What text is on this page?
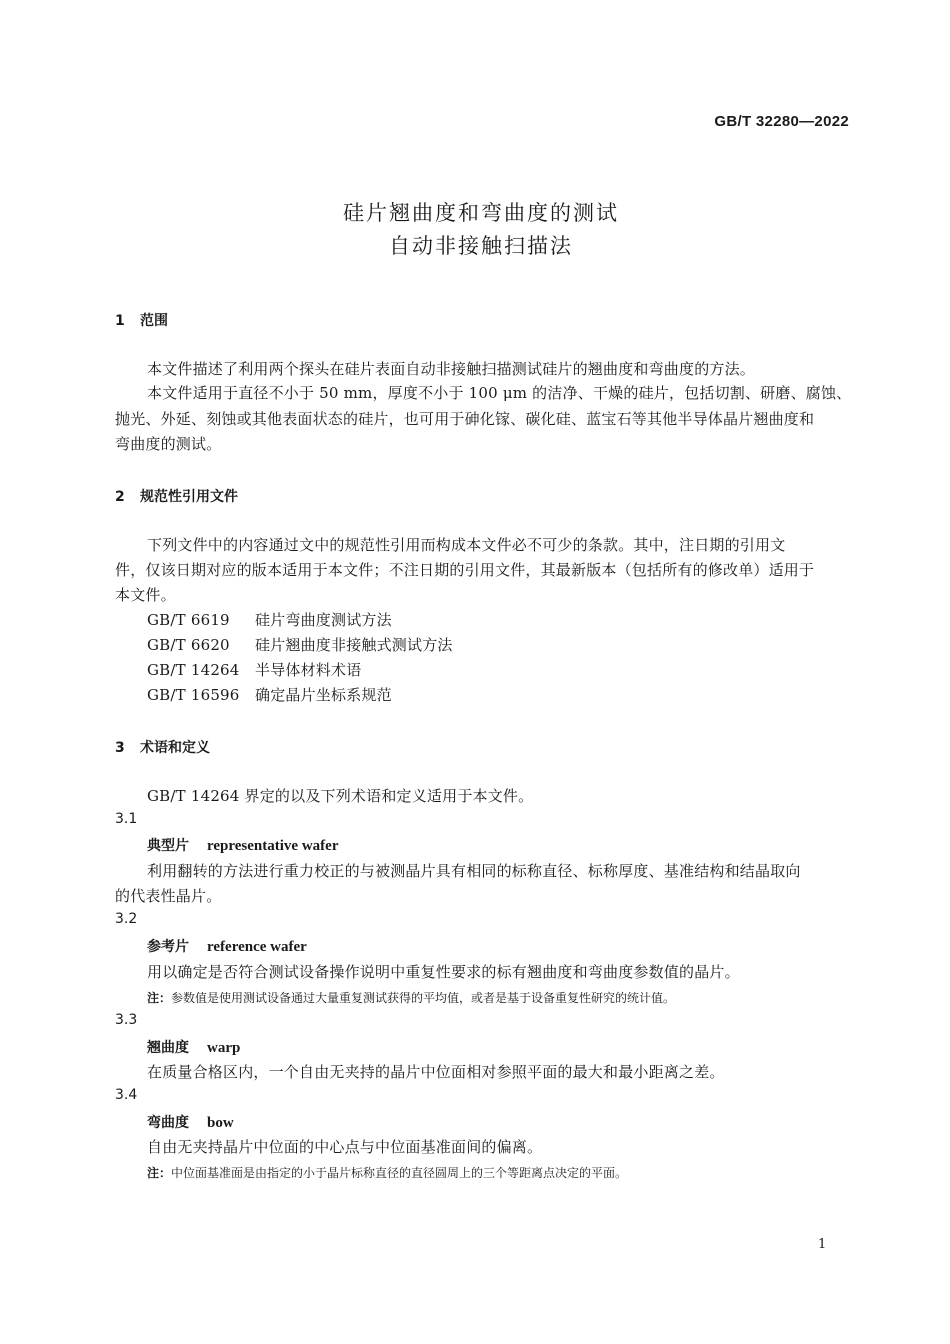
GB/T 32280—2022
硅片翘曲度和弯曲度的测试
自动非接触扫描法
1 范围
本文件描述了利用两个探头在硅片表面自动非接触扫描测试硅片的翘曲度和弯曲度的方法。
本文件适用于直径不小于 50 mm，厚度不小于 100 μm 的洁净、干燥的硅片，包括切割、研磨、腐蚀、
抛光、外延、刻蚀或其他表面状态的硅片，也可用于砷化镓、碳化硅、蓝宝石等其他半导体晶片翘曲度和
弯曲度的测试。
2 规范性引用文件
下列文件中的内容通过文中的规范性引用而构成本文件必不可少的条款。其中，注日期的引用文
件，仅该日期对应的版本适用于本文件；不注日期的引用文件，其最新版本（包括所有的修改单）适用于
本文件。
GB/T 6619 硅片弯曲度测试方法
GB/T 6620 硅片翘曲度非接触式测试方法
GB/T 14264 半导体材料术语
GB/T 16596 确定晶片坐标系规范
3 术语和定义
GB/T 14264 界定的以及下列术语和定义适用于本文件。
3.1
典型片 representative wafer
利用翻转的方法进行重力校正的与被测晶片具有相同的标称直径、标称厚度、基准结构和结晶取向
的代表性晶片。
3.2
参考片 reference wafer
用以确定是否符合测试设备操作说明中重复性要求的标有翘曲度和弯曲度参数值的晶片。
注：参数值是使用测试设备通过大量重复测试获得的平均值，或者是基于设备重复性研究的统计值。
3.3
翘曲度 warp
在质量合格区内，一个自由无夹持的晶片中位面相对参照平面的最大和最小距离之差。
3.4
弯曲度 bow
自由无夹持晶片中位面的中心点与中位面基准面间的偏离。
注：中位面基准面是由指定的小于晶片标称直径的直径圆周上的三个等距离点决定的平面。
1
